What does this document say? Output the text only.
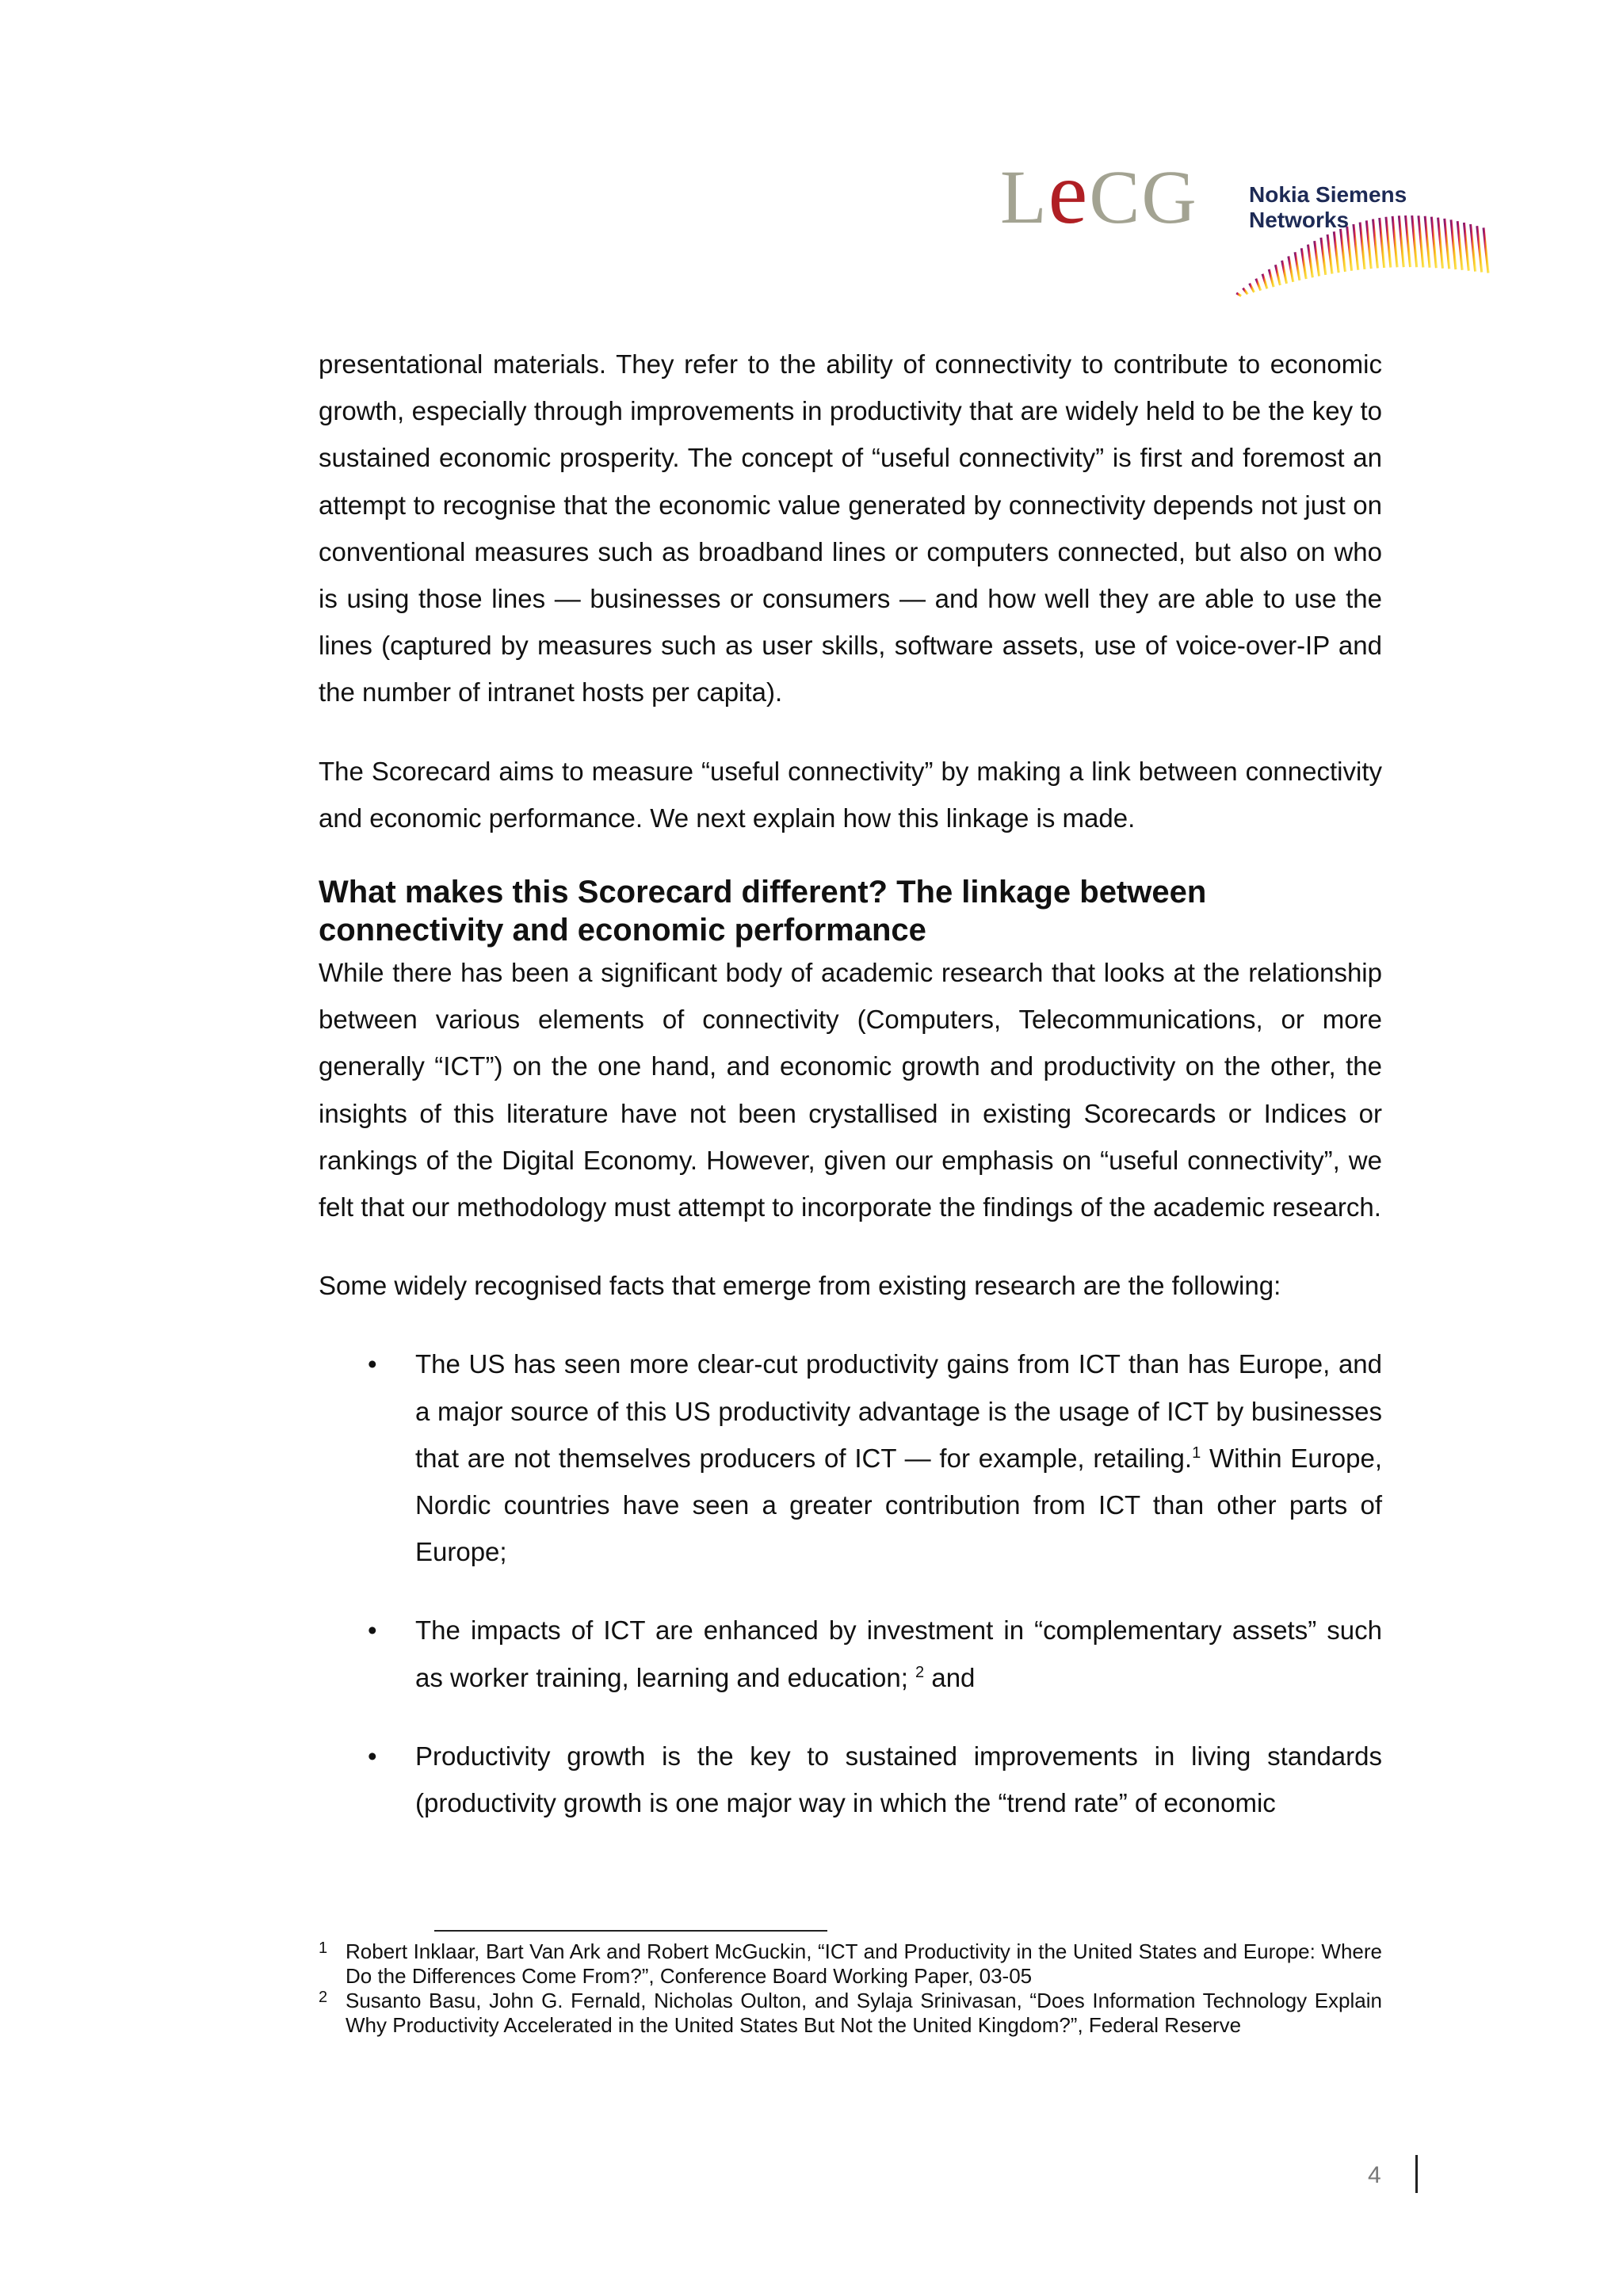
LeCG Nokia Siemens
Networks

presentational materials. They refer to the ability of connectivity to contribute to economic growth, especially through improvements in productivity that are widely held to be the key to sustained economic prosperity. The concept of “useful connectivity” is first and foremost an attempt to recognise that the economic value generated by connectivity depends not just on conventional measures such as broadband lines or computers connected, but also on who is using those lines — businesses or consumers — and how well they are able to use the lines (captured by measures such as user skills, software assets, use of voice-over-IP and the number of intranet hosts per capita).

The Scorecard aims to measure “useful connectivity” by making a link between connectivity and economic performance. We next explain how this linkage is made.

What makes this Scorecard different? The linkage between connectivity and economic performance

While there has been a significant body of academic research that looks at the relationship between various elements of connectivity (Computers, Telecommunications, or more generally “ICT”) on the one hand, and economic growth and productivity on the other, the insights of this literature have not been crystallised in existing Scorecards or Indices or rankings of the Digital Economy. However, given our emphasis on “useful connectivity”, we felt that our methodology must attempt to incorporate the findings of the academic research.

Some widely recognised facts that emerge from existing research are the following:

• The US has seen more clear-cut productivity gains from ICT than has Europe, and a major source of this US productivity advantage is the usage of ICT by businesses that are not themselves producers of ICT — for example, retailing.$^1$ Within Europe, Nordic countries have seen a greater contribution from ICT than other parts of Europe;

• The impacts of ICT are enhanced by investment in “complementary assets” such as worker training, learning and education; $^2$ and

• Productivity growth is the key to sustained improvements in living standards (productivity growth is one major way in which the “trend rate” of economic

1 Robert Inklaar, Bart Van Ark and Robert McGuckin, “ICT and Productivity in the United States and Europe: Where Do the Differences Come From?”, Conference Board Working Paper, 03-05
2 Susanto Basu, John G. Fernald, Nicholas Oulton, and Sylaja Srinivasan, “Does Information Technology Explain Why Productivity Accelerated in the United States But Not the United Kingdom?”, Federal Reserve
4
